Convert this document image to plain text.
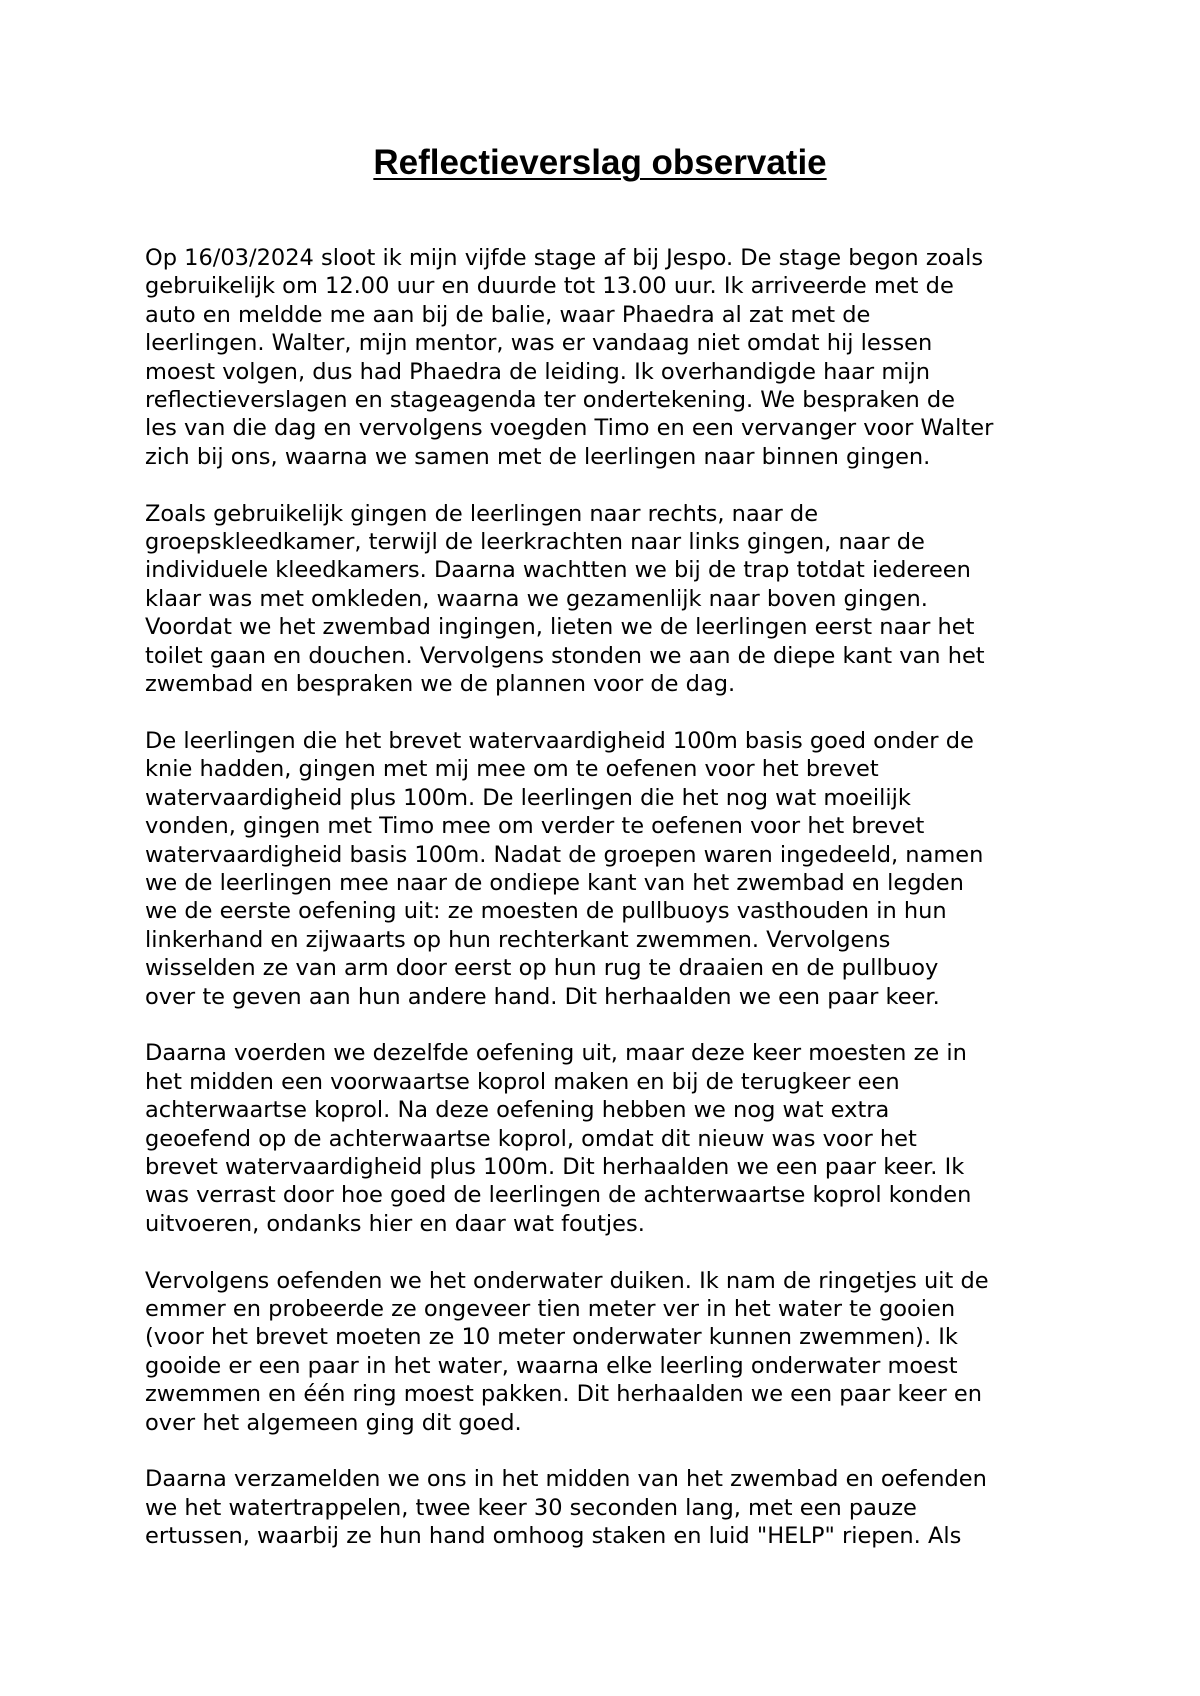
Reflectieverslag observatie

Op 16/03/2024 sloot ik mijn vijfde stage af bij Jespo. De stage begon zoals
gebruikelijk om 12.00 uur en duurde tot 13.00 uur. Ik arriveerde met de
auto en meldde me aan bij de balie, waar Phaedra al zat met de
leerlingen. Walter, mijn mentor, was er vandaag niet omdat hij lessen
moest volgen, dus had Phaedra de leiding. Ik overhandigde haar mijn
reflectieverslagen en stageagenda ter ondertekening. We bespraken de
les van die dag en vervolgens voegden Timo en een vervanger voor Walter
zich bij ons, waarna we samen met de leerlingen naar binnen gingen.

Zoals gebruikelijk gingen de leerlingen naar rechts, naar de
groepskleedkamer, terwijl de leerkrachten naar links gingen, naar de
individuele kleedkamers. Daarna wachtten we bij de trap totdat iedereen
klaar was met omkleden, waarna we gezamenlijk naar boven gingen.
Voordat we het zwembad ingingen, lieten we de leerlingen eerst naar het
toilet gaan en douchen. Vervolgens stonden we aan de diepe kant van het
zwembad en bespraken we de plannen voor de dag.

De leerlingen die het brevet watervaardigheid 100m basis goed onder de
knie hadden, gingen met mij mee om te oefenen voor het brevet
watervaardigheid plus 100m. De leerlingen die het nog wat moeilijk
vonden, gingen met Timo mee om verder te oefenen voor het brevet
watervaardigheid basis 100m. Nadat de groepen waren ingedeeld, namen
we de leerlingen mee naar de ondiepe kant van het zwembad en legden
we de eerste oefening uit: ze moesten de pullbuoys vasthouden in hun
linkerhand en zijwaarts op hun rechterkant zwemmen. Vervolgens
wisselden ze van arm door eerst op hun rug te draaien en de pullbuoy
over te geven aan hun andere hand. Dit herhaalden we een paar keer.

Daarna voerden we dezelfde oefening uit, maar deze keer moesten ze in
het midden een voorwaartse koprol maken en bij de terugkeer een
achterwaartse koprol. Na deze oefening hebben we nog wat extra
geoefend op de achterwaartse koprol, omdat dit nieuw was voor het
brevet watervaardigheid plus 100m. Dit herhaalden we een paar keer. Ik
was verrast door hoe goed de leerlingen de achterwaartse koprol konden
uitvoeren, ondanks hier en daar wat foutjes.

Vervolgens oefenden we het onderwater duiken. Ik nam de ringetjes uit de
emmer en probeerde ze ongeveer tien meter ver in het water te gooien
(voor het brevet moeten ze 10 meter onderwater kunnen zwemmen). Ik
gooide er een paar in het water, waarna elke leerling onderwater moest
zwemmen en één ring moest pakken. Dit herhaalden we een paar keer en
over het algemeen ging dit goed.

Daarna verzamelden we ons in het midden van het zwembad en oefenden
we het watertrappelen, twee keer 30 seconden lang, met een pauze
ertussen, waarbij ze hun hand omhoog staken en luid "HELP" riepen. Als
